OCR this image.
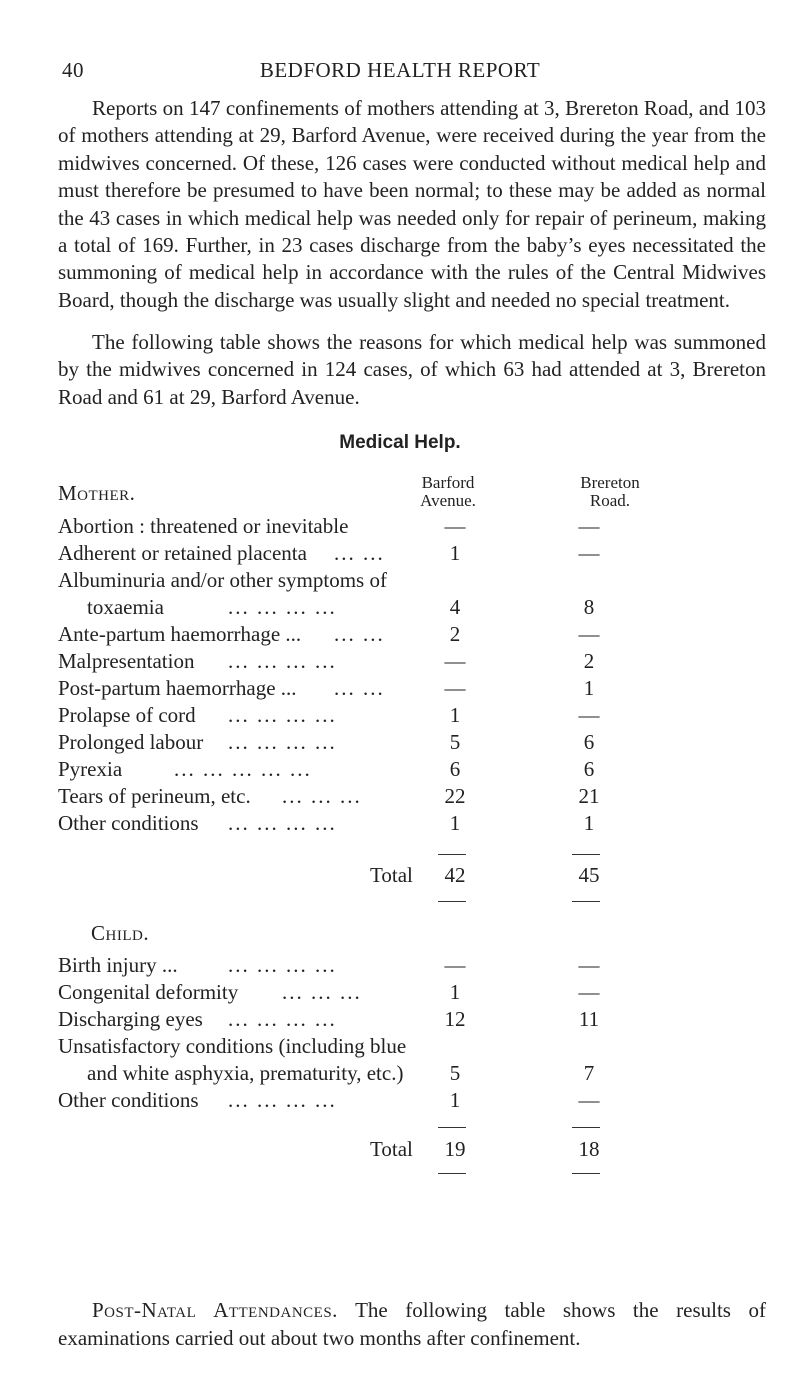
40	BEDFORD HEALTH REPORT

Reports on 147 confinements of mothers attending at 3, Brereton Road, and 103 of mothers attending at 29, Barford Avenue, were received during the year from the midwives concerned. Of these, 126 cases were conducted without medical help and must therefore be presumed to have been normal; to these may be added as normal the 43 cases in which medical help was needed only for repair of perineum, making a total of 169. Further, in 23 cases discharge from the baby’s eyes necessitated the summoning of medical help in accordance with the rules of the Central Midwives Board, though the discharge was usually slight and needed no special treatment.

The following table shows the reasons for which medical help was summoned by the midwives concerned in 124 cases, of which 63 had attended at 3, Brereton Road and 61 at 29, Barford Avenue.

Medical Help.
Barford
Avenue.
Brereton
Road.
Mother.
Abortion : threatened or inevitable	—	—
Adherent or retained placenta ... ...	1	—
Albuminuria and/or other symptoms of
toxaemia	... ... ... ...	4	8
Ante-partum haemorrhage ... ... ...	2	—
Malpresentation ... ... ... ...	—	2
Post-partum haemorrhage ... ... ...	—	1
Prolapse of cord ... ... ... ...	1	—
Prolonged labour ... ... ... ...	5	6
Pyrexia ... ... ... ... ...	6	6
Tears of perineum, etc. ... ... ...	22	21
Other conditions ... ... ... ...	1	1
Total	42	45
Child.
Birth injury ... ... ... ... ...	—	—
Congenital deformity ... ... ...	1	—
Discharging eyes ... ... ... ...	12	11
Unsatisfactory conditions (including blue
and white asphyxia, prematurity, etc.)	5	7
Other conditions ... ... ... ...	1	—
Total	19	18

Post-Natal Attendances. The following table shows the results of examinations carried out about two months after confinement.
